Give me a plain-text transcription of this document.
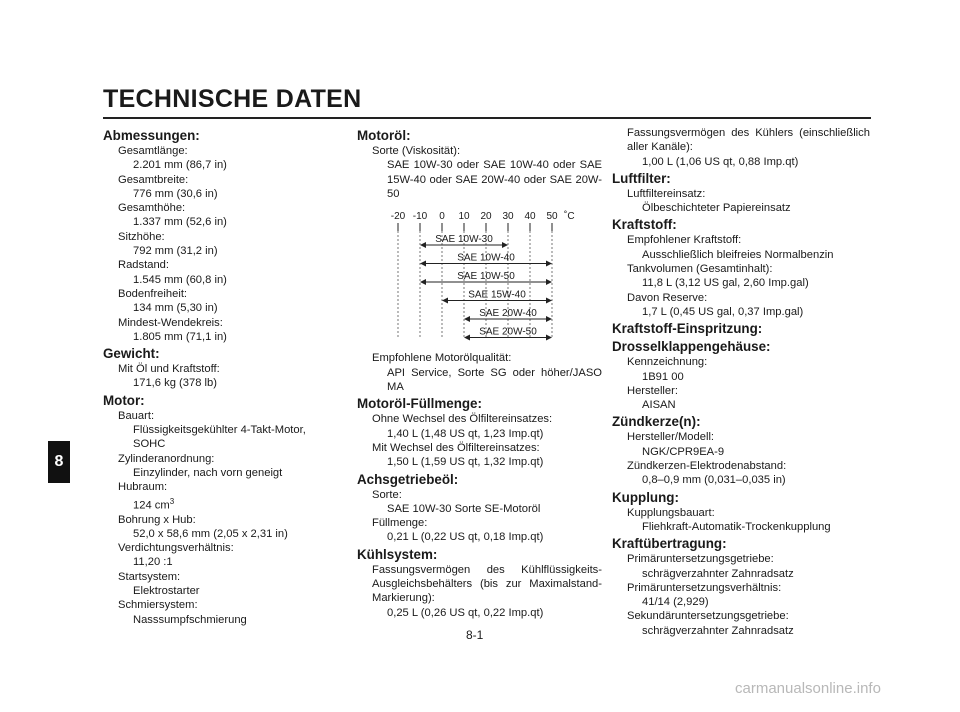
TECHNISCHE DATEN
8
Abmessungen:
Gesamtlänge:
2.201 mm (86,7 in)
Gesamtbreite:
776 mm (30,6 in)
Gesamthöhe:
1.337 mm (52,6 in)
Sitzhöhe:
792 mm (31,2 in)
Radstand:
1.545 mm (60,8 in)
Bodenfreiheit:
134 mm (5,30 in)
Mindest-Wendekreis:
1.805 mm (71,1 in)
Gewicht:
Mit Öl und Kraftstoff:
171,6 kg (378 lb)
Motor:
Bauart:
Flüssigkeitsgekühlter 4-Takt-Motor, SOHC
Zylinderanordnung:
Einzylinder, nach vorn geneigt
Hubraum:
124 $cm^3$
Bohrung x Hub:
52,0 x 58,6 mm (2,05 x 2,31 in)
Verdichtungsverhältnis:
11,20 :1
Startsystem:
Elektrostarter
Schmiersystem:
Nasssumpfschmierung
Motoröl:
Sorte (Viskosität):
SAE 10W-30 oder SAE 10W-40 oder SAE 15W-40 oder SAE 20W-40 oder SAE 20W-50
-20 -10 0 10 20 30 40 50 ˚C
SAE 10W-30
SAE 10W-40
SAE 10W-50
SAE 15W-40
SAE 20W-40
SAE 20W-50
Empfohlene Motorölqualität:
API Service, Sorte SG oder höher/JASO MA
Motoröl-Füllmenge:
Ohne Wechsel des Ölfiltereinsatzes:
1,40 L (1,48 US qt, 1,23 Imp.qt)
Mit Wechsel des Ölfiltereinsatzes:
1,50 L (1,59 US qt, 1,32 Imp.qt)
Achsgetriebeöl:
Sorte:
SAE 10W-30 Sorte SE-Motoröl
Füllmenge:
0,21 L (0,22 US qt, 0,18 Imp.qt)
Kühlsystem:
Fassungsvermögen des Kühlflüssigkeits-Ausgleichsbehälters (bis zur Maximalstand-Markierung):
0,25 L (0,26 US qt, 0,22 Imp.qt)
Fassungsvermögen des Kühlers (einschließlich aller Kanäle):
1,00 L (1,06 US qt, 0,88 Imp.qt)
Luftfilter:
Luftfiltereinsatz:
Ölbeschichteter Papiereinsatz
Kraftstoff:
Empfohlener Kraftstoff:
Ausschließlich bleifreies Normalbenzin
Tankvolumen (Gesamtinhalt):
11,8 L (3,12 US gal, 2,60 Imp.gal)
Davon Reserve:
1,7 L (0,45 US gal, 0,37 Imp.gal)
Kraftstoff-Einspritzung:
Drosselklappengehäuse:
Kennzeichnung:
1B91 00
Hersteller:
AISAN
Zündkerze(n):
Hersteller/Modell:
NGK/CPR9EA-9
Zündkerzen-Elektrodenabstand:
0,8–0,9 mm (0,031–0,035 in)
Kupplung:
Kupplungsbauart:
Fliehkraft-Automatik-Trockenkupplung
Kraftübertragung:
Primäruntersetzungsgetriebe:
schrägverzahnter Zahnradsatz
Primäruntersetzungsverhältnis:
41/14 (2,929)
Sekundäruntersetzungsgetriebe:
schrägverzahnter Zahnradsatz
8-1
carmanualsonline.info
